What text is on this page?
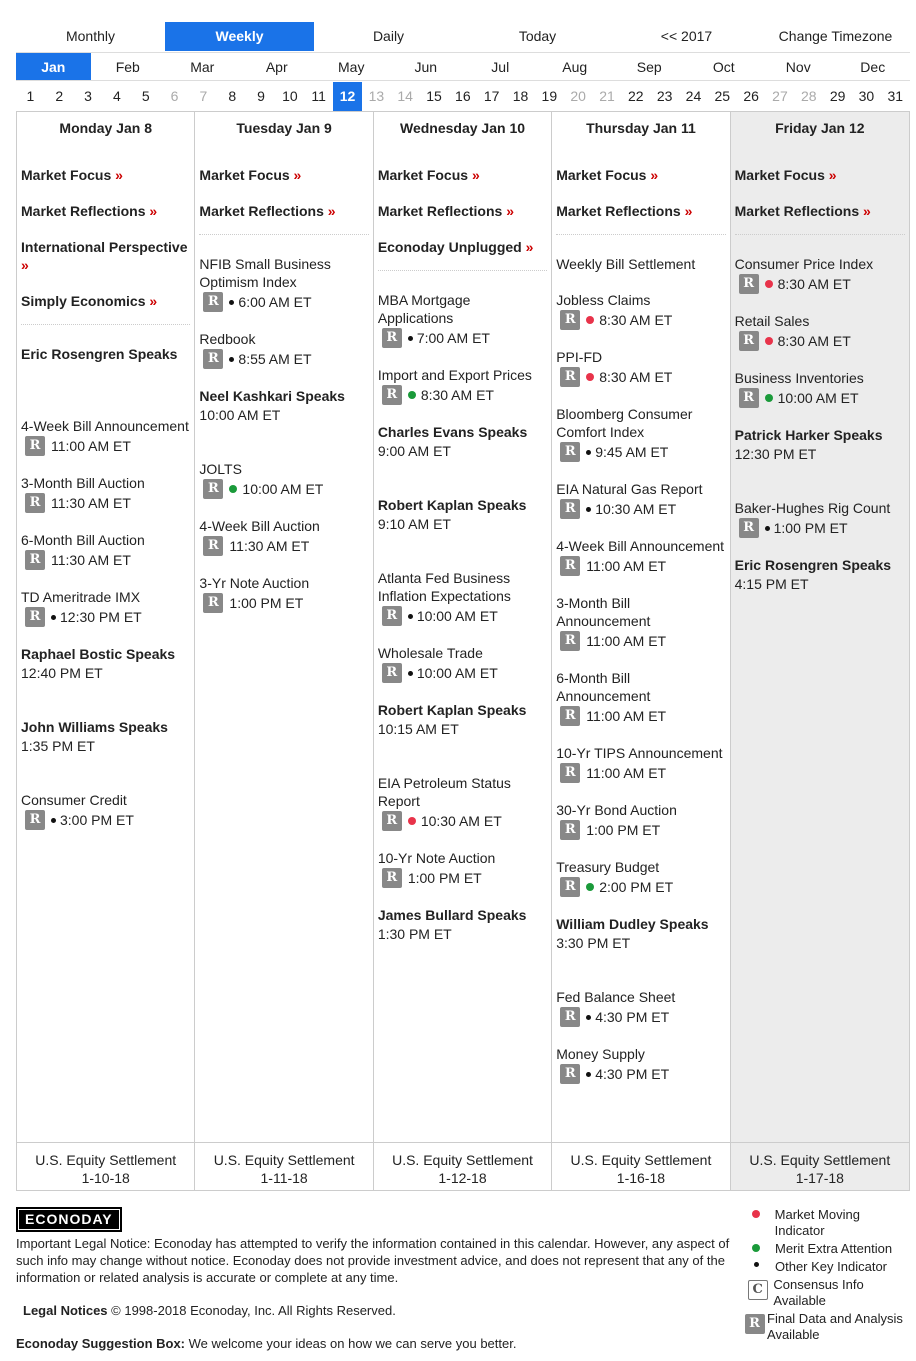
Monthly	Weekly	Daily	Today	<< 2017	Change Timezone
Jan	Feb	Mar	Apr	May	Jun	Jul	Aug	Sep	Oct	Nov	Dec
1	2	3	4	5	6	7	8	9	10 11 12 13 14 15 16 17 18 19 20 21 22 23 24 25 26 27 28 29 30 31
Monday Jan 8
Market Focus »
Market Reflections »
International Perspective »
Simply Economics »
Eric Rosengren Speaks
4-Week Bill Announcement
R 11:00 AM ET
3-Month Bill Auction
R 11:30 AM ET
6-Month Bill Auction
R 11:30 AM ET
TD Ameritrade IMX
R	12:30 PM ET
Raphael Bostic Speaks
12:40 PM ET
John Williams Speaks
1:35 PM ET
Consumer Credit
R	3:00 PM ET
U.S. Equity Settlement
1-10-18
Tuesday Jan 9
Market Focus »
Market Reflections »
NFIB Small Business Optimism Index
R	6:00 AM ET
Redbook
R	8:55 AM ET
Neel Kashkari Speaks
10:00 AM ET
JOLTS
R	10:00 AM ET
4-Week Bill Auction
R 11:30 AM ET
3-Yr Note Auction
R 1:00 PM ET
U.S. Equity Settlement
1-11-18
Wednesday Jan 10
Market Focus »
Market Reflections »
Econoday Unplugged »
MBA Mortgage Applications
R	7:00 AM ET
Import and Export Prices
R	8:30 AM ET
Charles Evans Speaks
9:00 AM ET
Robert Kaplan Speaks
9:10 AM ET
Atlanta Fed Business Inflation Expectations
R	10:00 AM ET
Wholesale Trade
R	10:00 AM ET
Robert Kaplan Speaks
10:15 AM ET
EIA Petroleum Status Report
R	10:30 AM ET
10-Yr Note Auction
R 1:00 PM ET
James Bullard Speaks
1:30 PM ET
U.S. Equity Settlement
1-12-18
Thursday Jan 11
Market Focus »
Market Reflections »
Weekly Bill Settlement
Jobless Claims
R	8:30 AM ET
PPI-FD
R	8:30 AM ET
Bloomberg Consumer Comfort Index
R	9:45 AM ET
EIA Natural Gas Report
R	10:30 AM ET
4-Week Bill Announcement
R 11:00 AM ET
3-Month Bill Announcement
R 11:00 AM ET
6-Month Bill Announcement
R 11:00 AM ET
10-Yr TIPS Announcement
R 11:00 AM ET
30-Yr Bond Auction
R 1:00 PM ET
Treasury Budget
R	2:00 PM ET
William Dudley Speaks
3:30 PM ET
Fed Balance Sheet
R	4:30 PM ET
Money Supply
R	4:30 PM ET
U.S. Equity Settlement
1-16-18
Friday Jan 12
Market Focus »
Market Reflections »
Consumer Price Index
R	8:30 AM ET
Retail Sales
R	8:30 AM ET
Business Inventories
R	10:00 AM ET
Patrick Harker Speaks
12:30 PM ET
Baker-Hughes Rig Count
R	1:00 PM ET
Eric Rosengren Speaks
4:15 PM ET
U.S. Equity Settlement
1-17-18
ECONODAY
Important Legal Notice: Econoday has attempted to verify the information contained in this calendar. However, any aspect of such info may change without notice. Econoday does not provide investment advice, and does not represent that any of the information or related analysis is accurate or complete at any time.
Legal Notices © 1998-2018 Econoday, Inc. All Rights Reserved.
Econoday Suggestion Box: We welcome your ideas on how we can serve you better.
Market Moving Indicator
Merit Extra Attention
Other Key Indicator
C Consensus Info Available
R Final Data and Analysis Available
